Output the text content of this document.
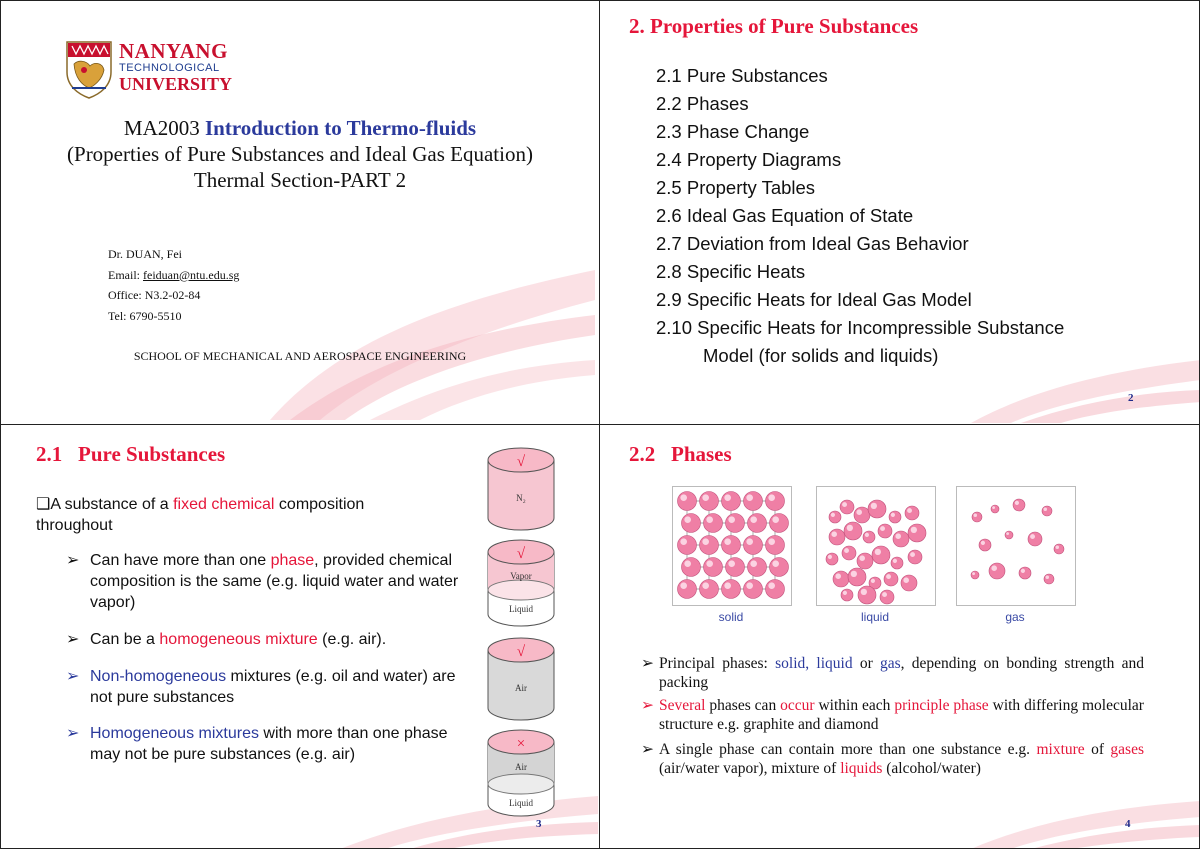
NANYANG
TECHNOLOGICAL
UNIVERSITY
MA2003 Introduction to Thermo-fluids
(Properties of Pure Substances and Ideal Gas Equation)
Thermal Section-PART 2
Dr. DUAN, Fei
Email: feiduan@ntu.edu.sg
Office: N3.2-02-84
Tel: 6790-5510
SCHOOL OF MECHANICAL AND AEROSPACE ENGINEERING
2. Properties of Pure Substances
2.1 Pure Substances
2.2 Phases
2.3 Phase Change
2.4 Property Diagrams
2.5 Property Tables
2.6 Ideal Gas Equation of State
2.7 Deviation from Ideal Gas Behavior
2.8 Specific Heats
2.9 Specific Heats for Ideal Gas Model
2.10 Specific Heats for Incompressible Substance
Model (for solids and liquids)
2
2.1 Pure Substances
❑A substance of a fixed chemical composition throughout
➢ Can have more than one phase, provided chemical composition is the same (e.g. liquid water and water vapor)
➢ Can be a homogeneous mixture (e.g. air).
➢ Non-homogeneous mixtures (e.g. oil and water) are not pure substances
➢ Homogeneous mixtures with more than one phase may not be pure substances (e.g. air)
√
N₂
√
Vapor
Liquid
√
Air
×
Air
Liquid
3
2.2 Phases
solid	liquid	gas
➢ Principal phases: solid, liquid or gas, depending on bonding strength and packing
➢ Several phases can occur within each principle phase with differing molecular structure e.g. graphite and diamond
➢ A single phase can contain more than one substance e.g. mixture of gases (air/water vapor), mixture of liquids (alcohol/water)
4
